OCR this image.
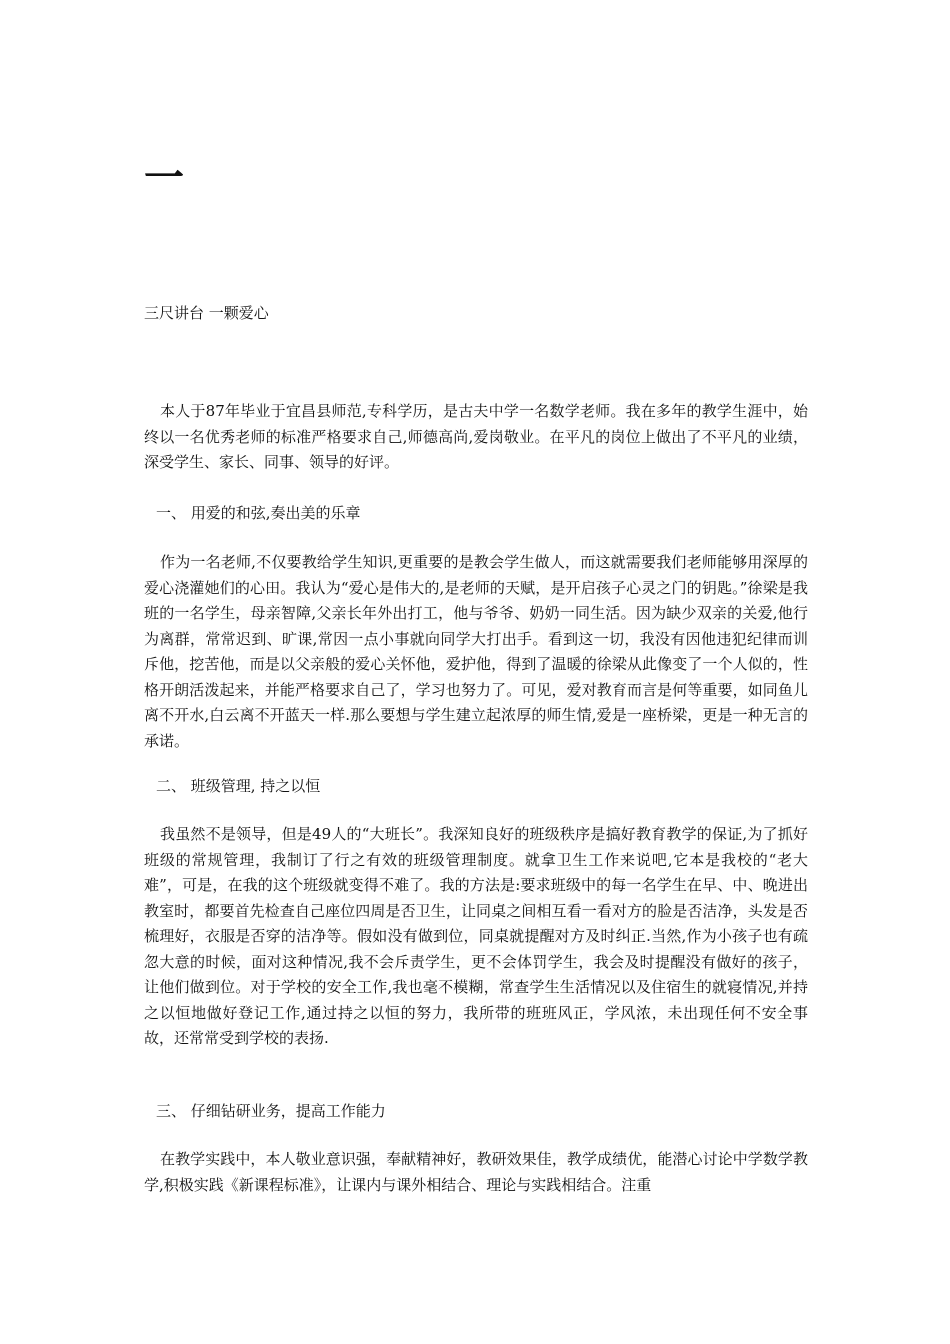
一
三尺讲台 一颗爱心
本人于87年毕业于宜昌县师范,专科学历，是古夫中学一名数学老师。我在多年的教学生涯中，始终以一名优秀老师的标准严格要求自己,师德高尚,爱岗敬业。在平凡的岗位上做出了不平凡的业绩，深受学生、家长、同事、领导的好评。
一、 用爱的和弦,奏出美的乐章
作为一名老师,不仅要教给学生知识,更重要的是教会学生做人，而这就需要我们老师能够用深厚的爱心浇灌她们的心田。我认为“爱心是伟大的,是老师的天赋，是开启孩子心灵之门的钥匙。”徐梁是我班的一名学生，母亲智障,父亲长年外出打工，他与爷爷、奶奶一同生活。因为缺少双亲的关爱,他行为离群，常常迟到、旷课,常因一点小事就向同学大打出手。看到这一切，我没有因他违犯纪律而训斥他，挖苦他，而是以父亲般的爱心关怀他，爱护他，得到了温暖的徐梁从此像变了一个人似的，性格开朗活泼起来，并能严格要求自己了，学习也努力了。可见，爱对教育而言是何等重要，如同鱼儿离不开水,白云离不开蓝天一样.那么要想与学生建立起浓厚的师生情,爱是一座桥梁，更是一种无言的承诺。
二、 班级管理, 持之以恒
我虽然不是领导，但是49人的“大班长”。我深知良好的班级秩序是搞好教育教学的保证,为了抓好班级的常规管理，我制订了行之有效的班级管理制度。就拿卫生工作来说吧,它本是我校的“老大难”，可是，在我的这个班级就变得不难了。我的方法是:要求班级中的每一名学生在早、中、晚进出教室时，都要首先检查自己座位四周是否卫生，让同桌之间相互看一看对方的脸是否洁净，头发是否梳理好，衣服是否穿的洁净等。假如没有做到位，同桌就提醒对方及时纠正.当然,作为小孩子也有疏忽大意的时候，面对这种情况,我不会斥责学生，更不会体罚学生，我会及时提醒没有做好的孩子，让他们做到位。对于学校的安全工作,我也毫不模糊，常查学生生活情况以及住宿生的就寝情况,并持之以恒地做好登记工作,通过持之以恒的努力，我所带的班班风正，学风浓，未出现任何不安全事故，还常常受到学校的表扬.
三、 仔细钻研业务，提高工作能力
在教学实践中，本人敬业意识强，奉献精神好，教研效果佳，教学成绩优，能潜心讨论中学数学教学,积极实践《新课程标准》，让课内与课外相结合、理论与实践相结合。注重
